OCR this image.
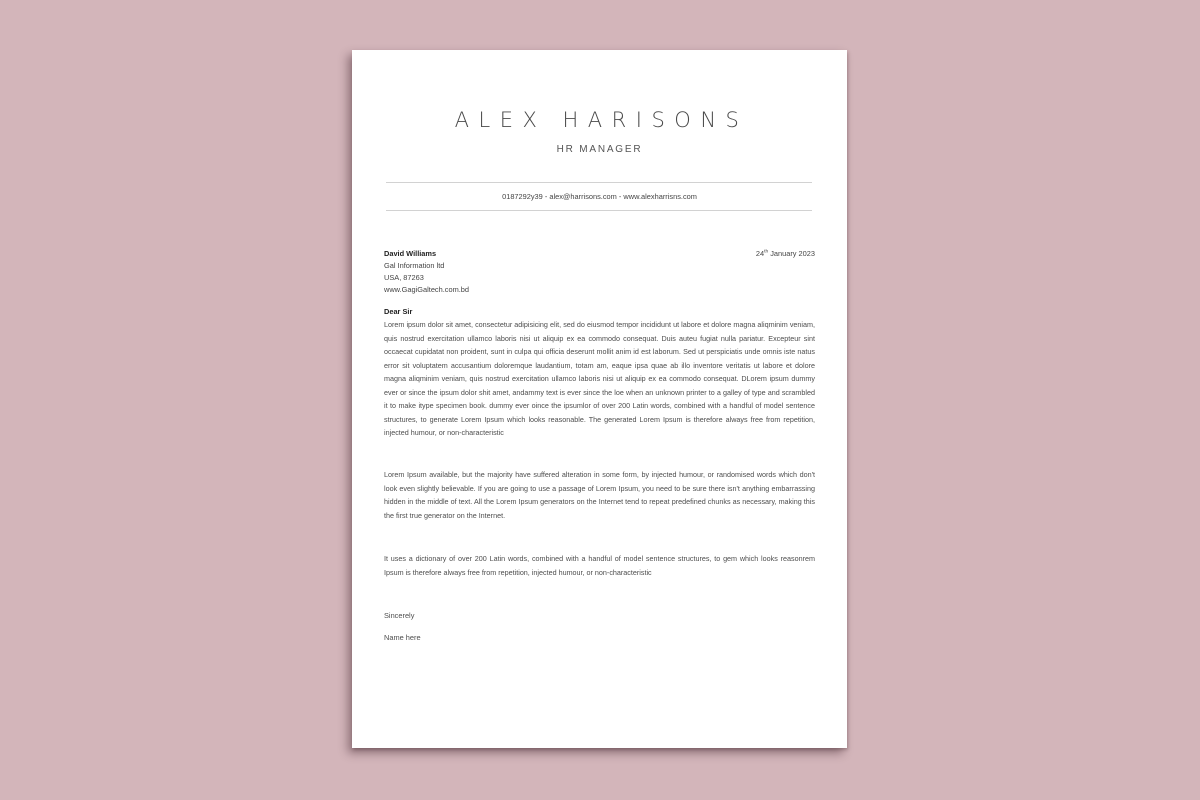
ALEX HARISONS
HR MANAGER
0187292y39 - alex@harrisons.com - www.alexharrisns.com
David Williams
Gal Information ltd
USA, 87263
www.GagiGaltech.com.bd
24th January 2023
Dear Sir

Lorem ipsum dolor sit amet, consectetur adipisicing elit, sed do eiusmod tempor incididunt ut labore et dolore magna aliqminim veniam, quis nostrud exercitation ullamco laboris nisi ut aliquip ex ea commodo consequat. Duis auteu fugiat nulla pariatur. Excepteur sint occaecat cupidatat non proident, sunt in culpa qui officia deserunt mollit anim id est laborum. Sed ut perspiciatis unde omnis iste natus error sit voluptatem accusantium doloremque laudantium, totam am, eaque ipsa quae ab illo inventore veritatis ut labore et dolore magna aliqminim veniam, quis nostrud exercitation ullamco laboris nisi ut aliquip ex ea commodo consequat. DLorem ipsum dummy ever or since the ipsum dolor shit amet, andammy text is ever since the loe when an unknown printer to a galley of type and scrambled it to make itype specimen book. dummy ever oince the ipsumlor of over 200 Latin words, combined with a handful of model sentence structures, to generate Lorem Ipsum which looks reasonable. The generated Lorem Ipsum is therefore always free from repetition, injected humour, or non-characteristic

Lorem Ipsum available, but the majority have suffered alteration in some form, by injected humour, or randomised words which don't look even slightly believable. If you are going to use a passage of Lorem Ipsum, you need to be sure there isn't anything embarrassing hidden in the middle of text. All the Lorem Ipsum generators on the Internet tend to repeat predefined chunks as necessary, making this the first true generator on the Internet.

It uses a dictionary of over 200 Latin words, combined with a handful of model sentence structures, to gem which looks reasonrem Ipsum is therefore always free from repetition, injected humour, or non-characteristic

Sincerely
Name here
